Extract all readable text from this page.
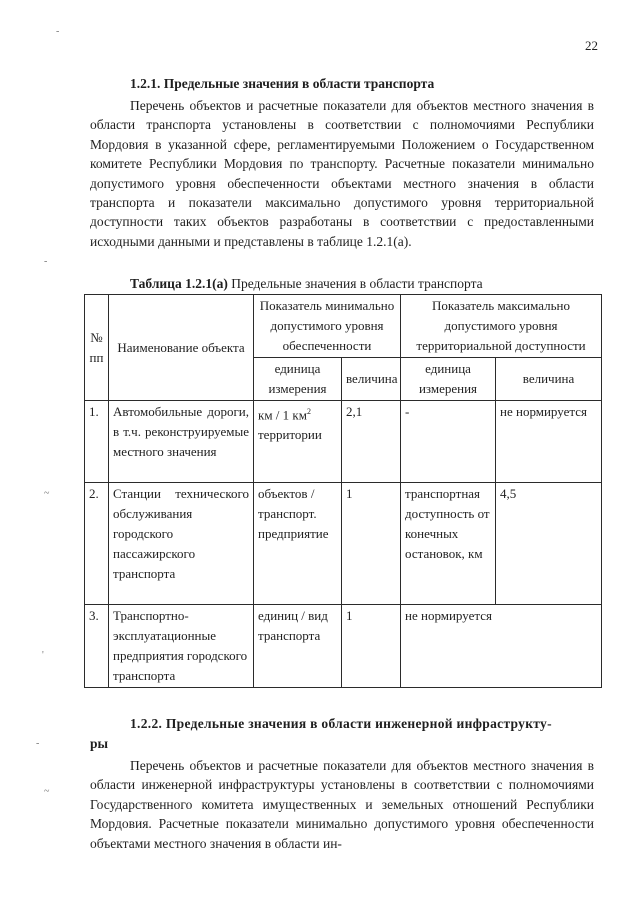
-
-
~
'
-
~
22
1.2.1. Предельные значения в области транспорта

Перечень объектов и расчетные показатели для объектов местного значения в области транспорта установлены в соответствии с полномочиями Республики Мордовия в указанной сфере, регламентируемыми Положением о Государственном комитете Республики Мордовия по транспорту. Расчетные показатели минимально допустимого уровня обеспеченности объектами местного значения в области транспорта и показатели максимально допустимого уровня территориальной доступности таких объектов разработаны в соответствии с предоставленными исходными данными и представлены в таблице 1.2.1(а).

Таблица 1.2.1(а) Предельные значения в области транспорта
№ пп	Наименование объекта	Показатель минимально допустимого уровня обеспеченности		Показатель максимально допустимого уровня территориальной доступности	
		единица измерения	величина	единица измерения	величина
1.	Автомобильные дороги, в т.ч. реконструируемые местного значения	км / 1 $км^2$ территории	2,1	-	не нормируется
2.	Станции технического обслуживания городского пассажирского транспорта	объектов / транспорт. предприятие	1	транспортная доступность от конечных остановок, км	4,5
3.	Транспортно-эксплуатационные предприятия городского транспорта	единиц / вид транспорта	1	не нормируется	
1.2.2. Предельные значения в области инженерной инфраструкту-
ры

Перечень объектов и расчетные показатели для объектов местного значения в области инженерной инфраструктуры установлены в соответствии с полномочиями Государственного комитета имущественных и земельных отношений Республики Мордовия. Расчетные показатели минимально допустимого уровня обеспеченности объектами местного значения в области ин-
